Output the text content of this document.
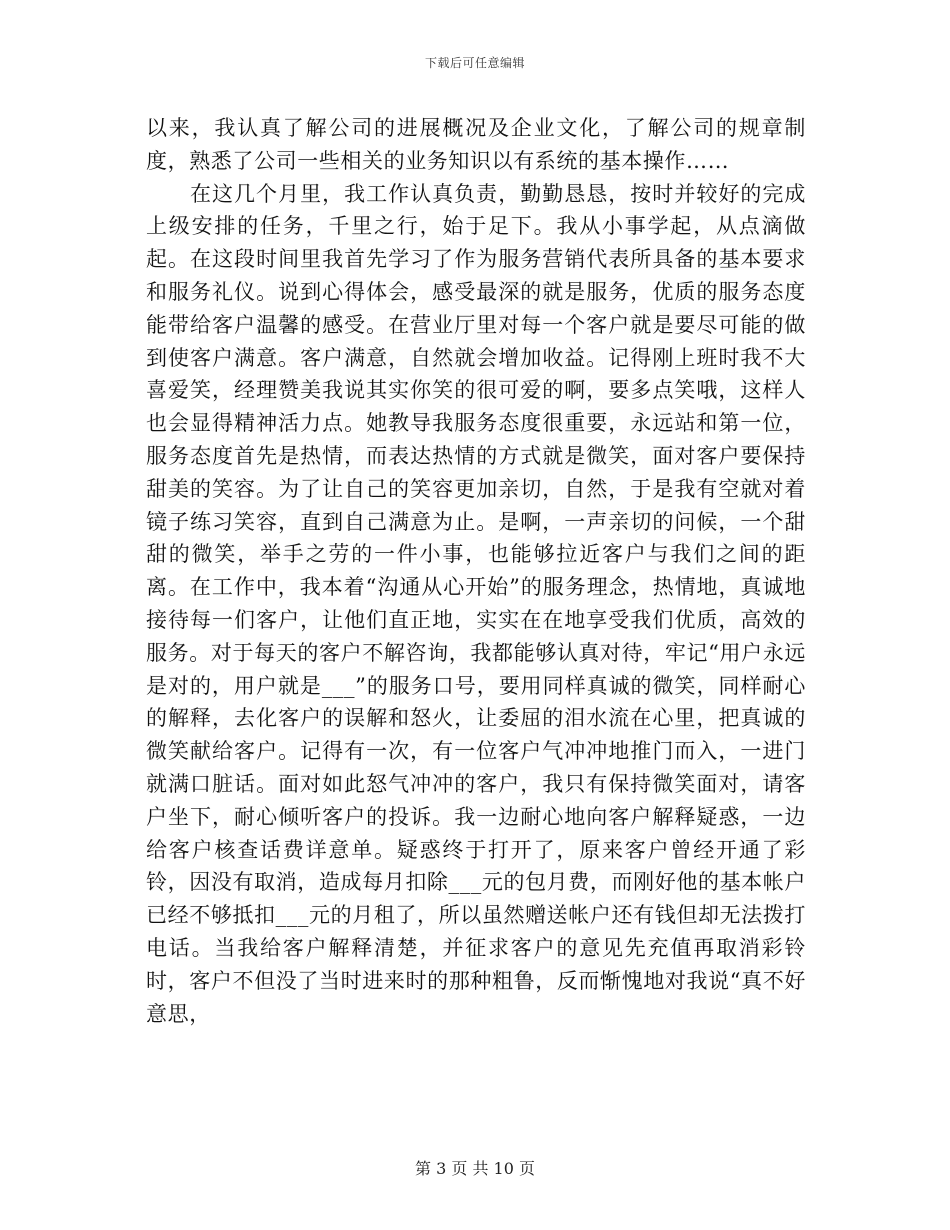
下载后可任意编辑

以来，我认真了解公司的进展概况及企业文化，了解公司的规章制度，熟悉了公司一些相关的业务知识以有系统的基本操作……

在这几个月里，我工作认真负责，勤勤恳恳，按时并较好的完成上级安排的任务，千里之行，始于足下。我从小事学起，从点滴做起。在这段时间里我首先学习了作为服务营销代表所具备的基本要求和服务礼仪。说到心得体会，感受最深的就是服务，优质的服务态度能带给客户温馨的感受。在营业厅里对每一个客户就是要尽可能的做到使客户满意。客户满意，自然就会增加收益。记得刚上班时我不大喜爱笑，经理赞美我说其实你笑的很可爱的啊，要多点笑哦，这样人也会显得精神活力点。她教导我服务态度很重要，永远站和第一位，服务态度首先是热情，而表达热情的方式就是微笑，面对客户要保持甜美的笑容。为了让自己的笑容更加亲切，自然，于是我有空就对着镜子练习笑容，直到自己满意为止。是啊，一声亲切的问候，一个甜甜的微笑，举手之劳的一件小事，也能够拉近客户与我们之间的距离。在工作中，我本着“沟通从心开始”的服务理念，热情地，真诚地接待每一们客户，让他们直正地，实实在在地享受我们优质，高效的服务。对于每天的客户不解咨询，我都能够认真对待，牢记“用户永远是对的，用户就是___”的服务口号，要用同样真诚的微笑，同样耐心的解释，去化客户的误解和怒火，让委屈的泪水流在心里，把真诚的微笑献给客户。记得有一次，有一位客户气冲冲地推门而入，一进门就满口脏话。面对如此怒气冲冲的客户，我只有保持微笑面对，请客户坐下，耐心倾听客户的投诉。我一边耐心地向客户解释疑惑，一边给客户核查话费详意单。疑惑终于打开了，原来客户曾经开通了彩铃，因没有取消，造成每月扣除___元的包月费，而刚好他的基本帐户已经不够抵扣___元的月租了，所以虽然赠送帐户还有钱但却无法拨打电话。当我给客户解释清楚，并征求客户的意见先充值再取消彩铃时，客户不但没了当时进来时的那种粗鲁，反而惭愧地对我说“真不好意思，

第 3 页 共 10 页
